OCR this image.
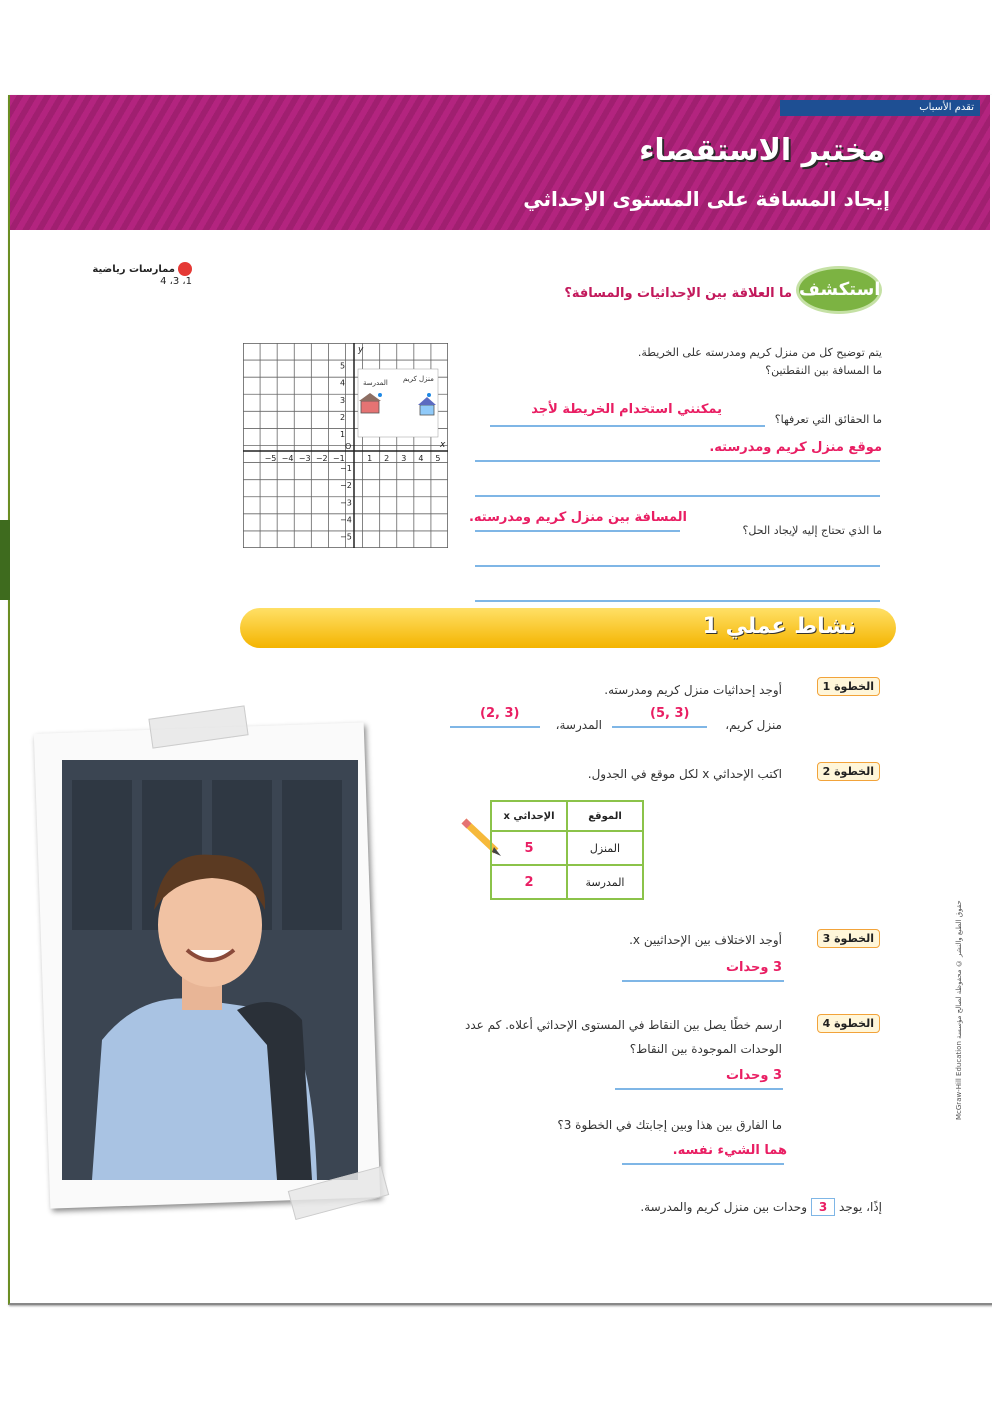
تقدم الأسباب
مختبر الاستقصاء
إيجاد المسافة على المستوى الإحداثي
ممارسات رياضية
1، 3، 4	استكشف
ما العلاقة بين الإحداثيات والمسافة؟
يتم توضيح كل من منزل كريم ومدرسته على الخريطة.
ما المسافة بين النقطتين؟
ما الحقائق التي تعرفها؟
يمكنني استخدام الخريطة لأجد
موقع منزل كريم ومدرسته.
ما الذي تحتاج إليه لإيجاد الحل؟
المسافة بين منزل كريم ومدرسته.
المدرسة منزل كريم
y
x
O
−5 −4 −3 −2 −1	1 2 3 4 5
5
4
3
2
1
−1
−2
−3
−4
−5
نشاط عملي 1
الخطوة 1
أوجد إحداثيات منزل كريم ومدرسته.
منزل كريم،
(5, 3)
المدرسة،
(2, 3)
الخطوة 2
اكتب الإحداثي x لكل موقع في الجدول.
الموقع	الإحداثي x
المنزل	5
المدرسة	2
الخطوة 3
أوجد الاختلاف بين الإحداثيين x.
3 وحدات
الخطوة 4
ارسم خطًا يصل بين النقاط في المستوى الإحداثي أعلاه. كم عدد
الوحدات الموجودة بين النقاط؟
3 وحدات
ما الفارق بين هذا وبين إجابتك في الخطوة 3؟
هما الشيء نفسه.
إذًا، يوجد 3 وحدات بين منزل كريم والمدرسة.
حقوق الطبع والنشر © محفوظة لصالح مؤسسة McGraw-Hill Education
